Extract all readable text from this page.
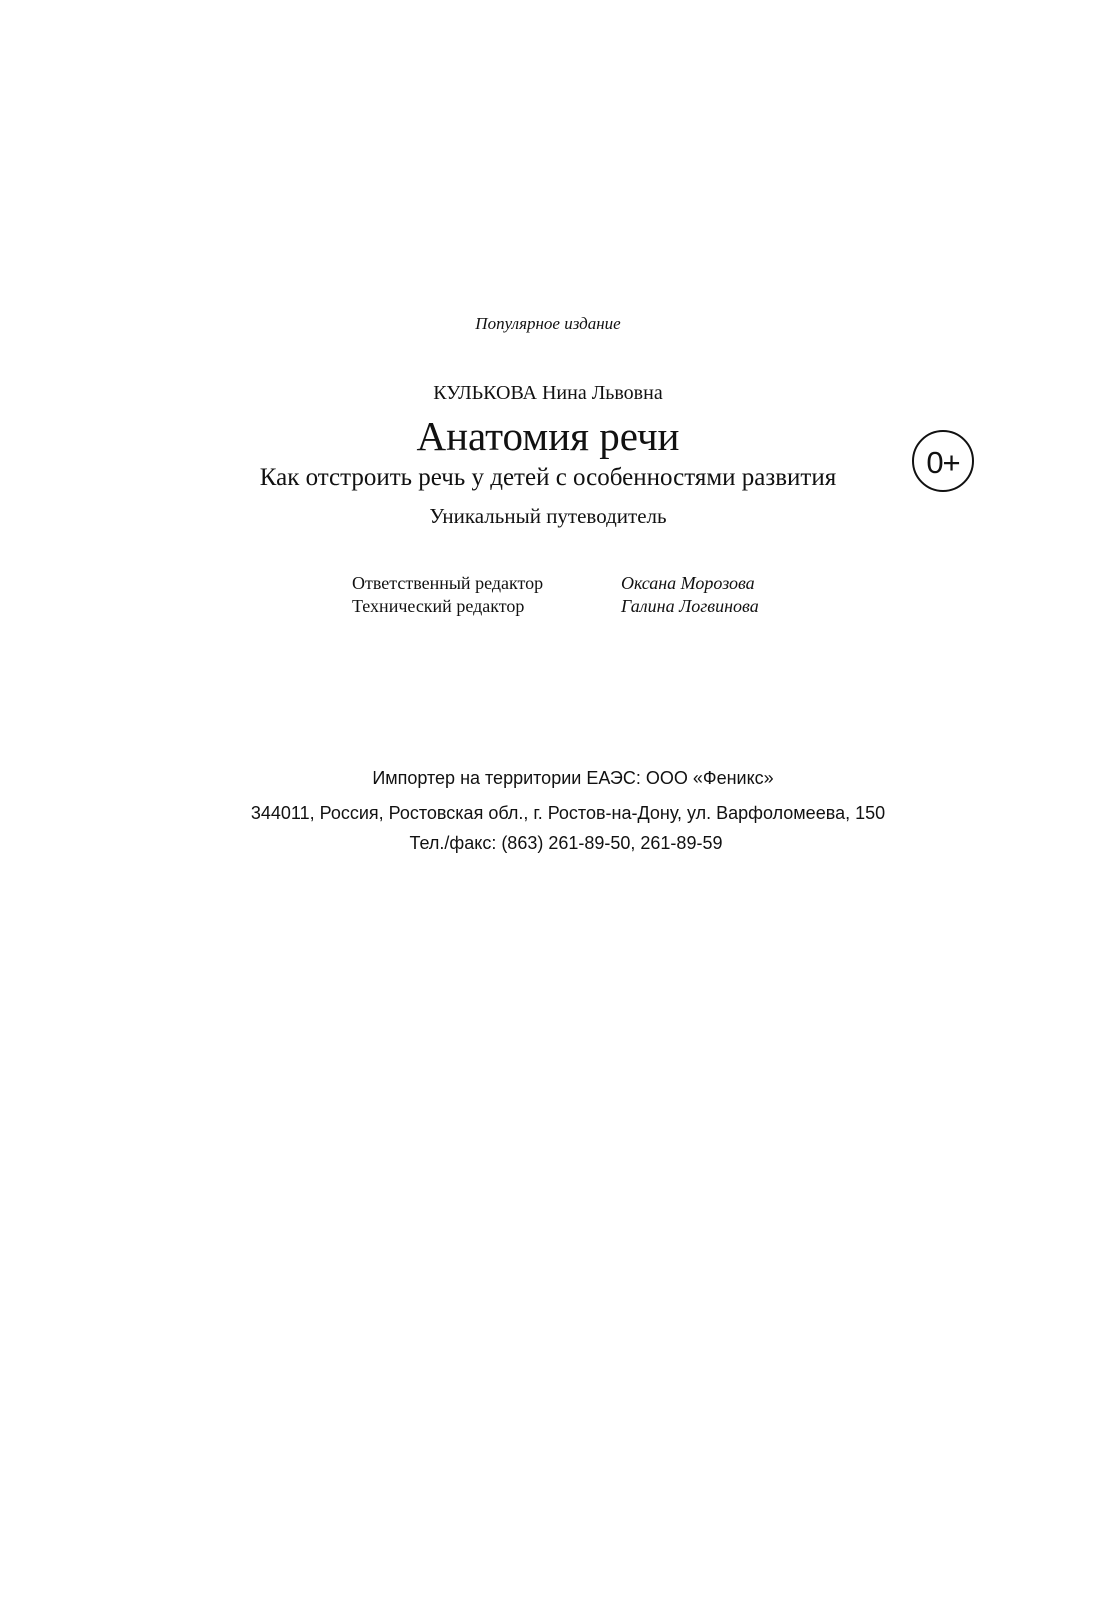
Популярное издание
КУЛЬКОВА Нина Львовна
Анатомия речи
Как отстроить речь у детей с особенностями развития
Уникальный путеводитель
0+
Ответственный редактор	Оксана Морозова
Технический редактор	Галина Логвинова
Импортер на территории ЕАЭС: ООО «Феникс»
344011, Россия, Ростовская обл., г. Ростов-на-Дону, ул. Варфоломеева, 150
Тел./факс: (863) 261-89-50, 261-89-59
